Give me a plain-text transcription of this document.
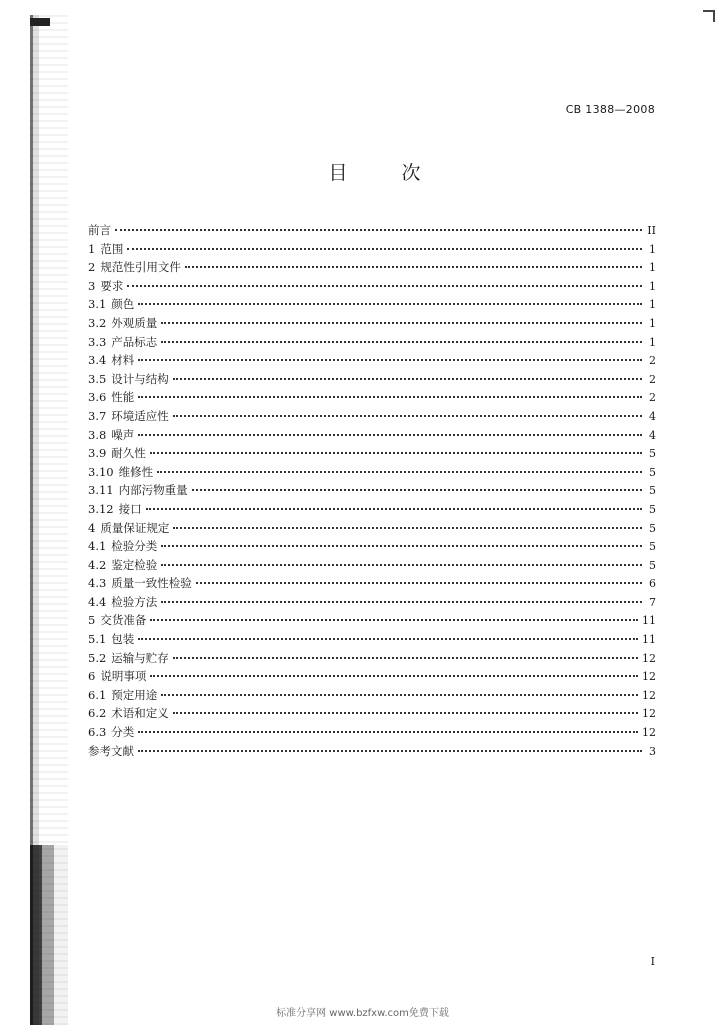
CB 1388—2008
目 次
前言	II
1 范围	1
2 规范性引用文件	1
3 要求	1
3.1 颜色	1
3.2 外观质量	1
3.3 产品标志	1
3.4 材料	2
3.5 设计与结构	2
3.6 性能	2
3.7 环境适应性	4
3.8 噪声	4
3.9 耐久性	5
3.10 维修性	5
3.11 内部污物重量	5
3.12 接口	5
4 质量保证规定	5
4.1 检验分类	5
4.2 鉴定检验	5
4.3 质量一致性检验	6
4.4 检验方法	7
5 交货准备	11
5.1 包装	11
5.2 运输与贮存	12
6 说明事项	12
6.1 预定用途	12
6.2 术语和定义	12
6.3 分类	12
参考文献	3
I
标准分享网 www.bzfxw.com免费下载
